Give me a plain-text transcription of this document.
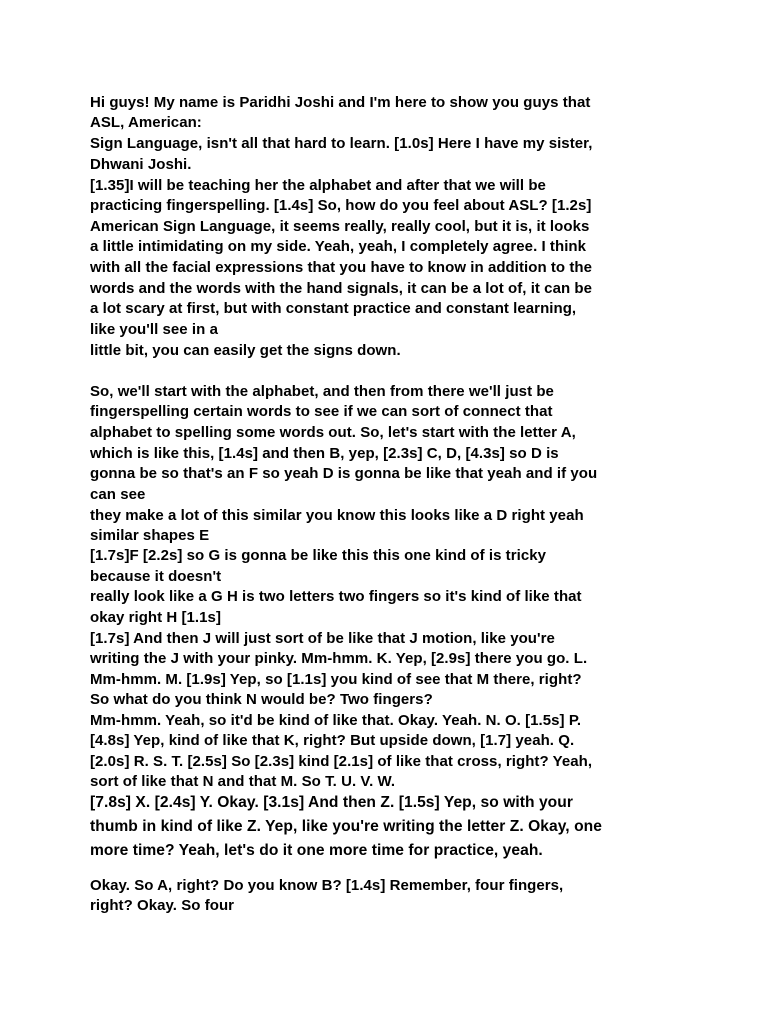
Hi guys! My name is Paridhi Joshi and I'm here to show you guys that
ASL, American:
Sign Language, isn't all that hard to learn. [1.0s] Here I have my sister,
Dhwani Joshi.
[1.35]I will be teaching her the alphabet and after that we will be
practicing fingerspelling. [1.4s] So, how do you feel about ASL? [1.2s]
American Sign Language, it seems really, really cool, but it is, it looks
a little intimidating on my side. Yeah, yeah, I completely agree. I think
with all the facial expressions that you have to know in addition to the
words and the words with the hand signals, it can be a lot of, it can be
a lot scary at first, but with constant practice and constant learning,
like you'll see in a
little bit, you can easily get the signs down.
So, we'll start with the alphabet, and then from there we'll just be
fingerspelling certain words to see if we can sort of connect that
alphabet to spelling some words out. So, let's start with the letter A,
which is like this, [1.4s] and then B, yep, [2.3s] C, D, [4.3s] so D is
gonna be so that's an F so yeah D is gonna be like that yeah and if you
can see
they make a lot of this similar you know this looks like a D right yeah
similar shapes E
[1.7s]F [2.2s] so G is gonna be like this this one kind of is tricky
because it doesn't
really look like a G H is two letters two fingers so it's kind of like that
okay right H [1.1s]
[1.7s] And then J will just sort of be like that J motion, like you're
writing the J with your pinky. Mm-hmm. K. Yep, [2.9s] there you go. L.
Mm-hmm. M. [1.9s] Yep, so [1.1s] you kind of see that M there, right?
So what do you think N would be? Two fingers?
Mm-hmm. Yeah, so it'd be kind of like that. Okay. Yeah. N. O. [1.5s] P.
[4.8s] Yep, kind of like that K, right? But upside down, [1.7] yeah. Q.
[2.0s] R. S. T. [2.5s] So [2.3s] kind [2.1s] of like that cross, right? Yeah,
sort of like that N and that M. So T. U. V. W.
[7.8s] X. [2.4s] Y. Okay. [3.1s] And then Z. [1.5s] Yep, so with your
thumb in kind of like Z. Yep, like you're writing the letter Z. Okay, one
more time? Yeah, let's do it one more time for practice, yeah.
Okay. So A, right? Do you know B? [1.4s] Remember, four fingers,
right? Okay. So four
